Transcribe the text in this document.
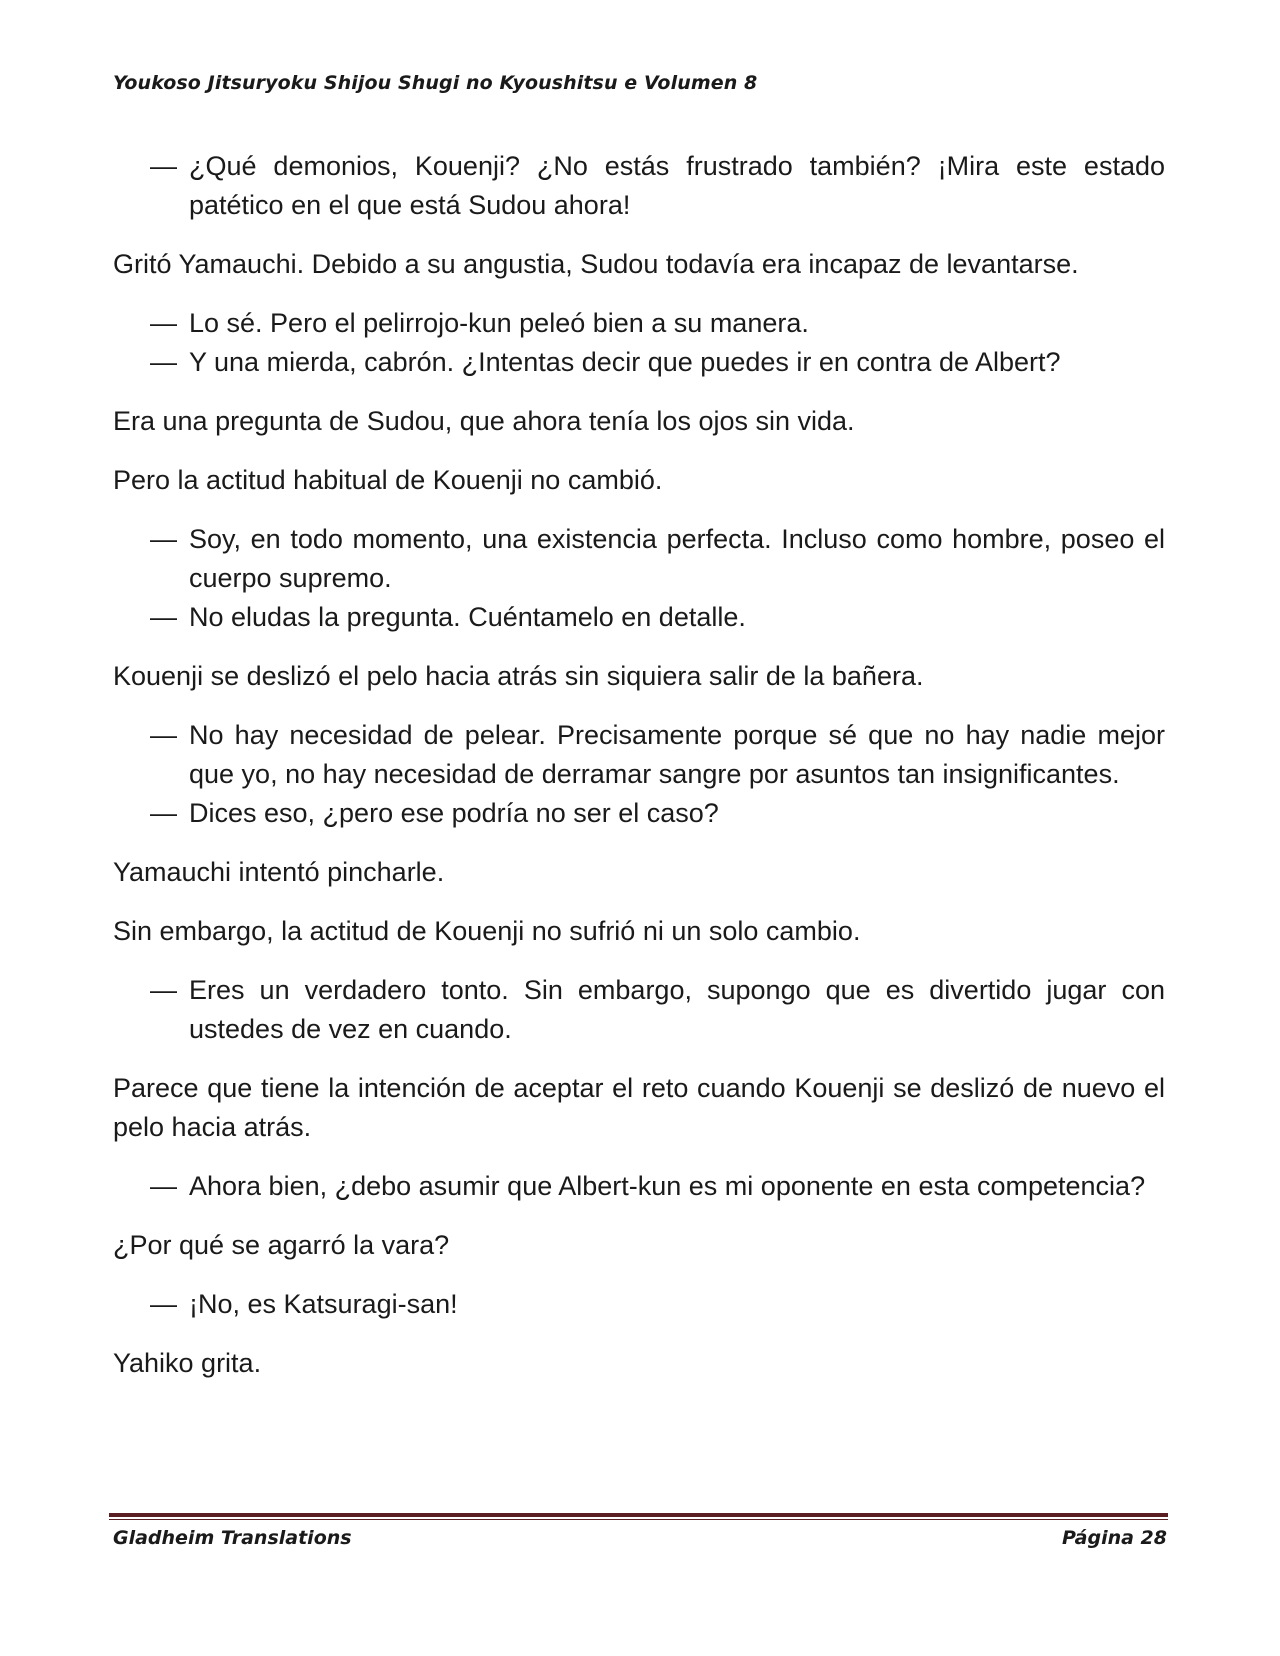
Youkoso Jitsuryoku Shijou Shugi no Kyoushitsu e Volumen 8

— ¿Qué demonios, Kouenji? ¿No estás frustrado también? ¡Mira este estado patético en el que está Sudou ahora!

Gritó Yamauchi. Debido a su angustia, Sudou todavía era incapaz de levantarse.

— Lo sé. Pero el pelirrojo-kun peleó bien a su manera.

— Y una mierda, cabrón. ¿Intentas decir que puedes ir en contra de Albert?

Era una pregunta de Sudou, que ahora tenía los ojos sin vida.

Pero la actitud habitual de Kouenji no cambió.

— Soy, en todo momento, una existencia perfecta. Incluso como hombre, poseo el cuerpo supremo.

— No eludas la pregunta. Cuéntamelo en detalle.

Kouenji se deslizó el pelo hacia atrás sin siquiera salir de la bañera.

— No hay necesidad de pelear. Precisamente porque sé que no hay nadie mejor que yo, no hay necesidad de derramar sangre por asuntos tan insignificantes.

— Dices eso, ¿pero ese podría no ser el caso?

Yamauchi intentó pincharle.

Sin embargo, la actitud de Kouenji no sufrió ni un solo cambio.

— Eres un verdadero tonto. Sin embargo, supongo que es divertido jugar con ustedes de vez en cuando.

Parece que tiene la intención de aceptar el reto cuando Kouenji se deslizó de nuevo el pelo hacia atrás.

— Ahora bien, ¿debo asumir que Albert-kun es mi oponente en esta competencia?

¿Por qué se agarró la vara?

— ¡No, es Katsuragi-san!

Yahiko grita.

Gladheim Translations	Página 28
